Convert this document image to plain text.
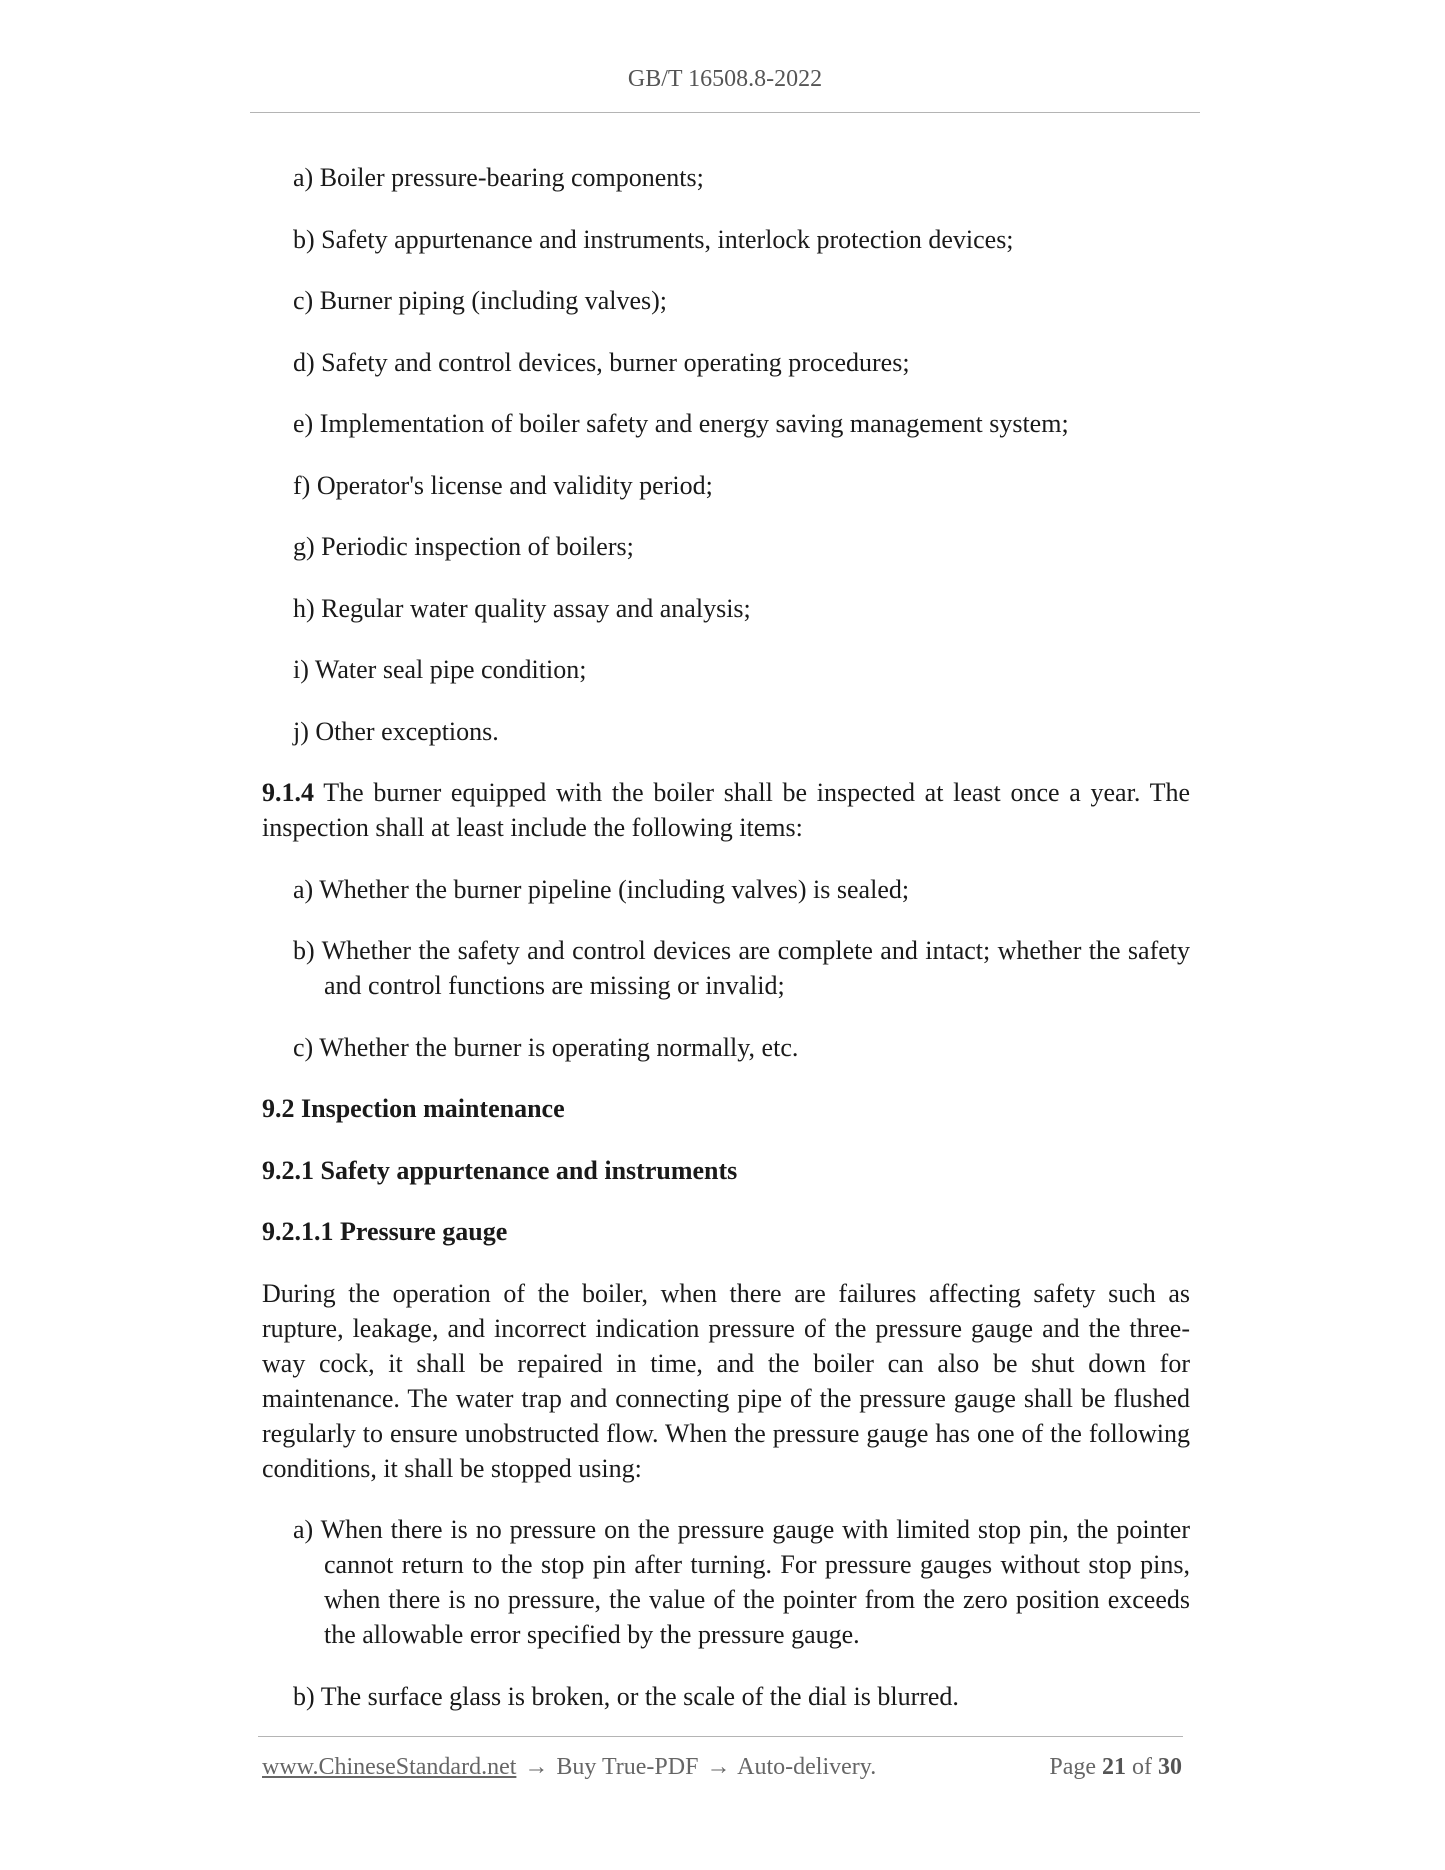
GB/T 16508.8-2022

a) Boiler pressure-bearing components;

b) Safety appurtenance and instruments, interlock protection devices;

c) Burner piping (including valves);

d) Safety and control devices, burner operating procedures;

e) Implementation of boiler safety and energy saving management system;

f) Operator's license and validity period;

g) Periodic inspection of boilers;

h) Regular water quality assay and analysis;

i) Water seal pipe condition;

j) Other exceptions.

9.1.4 The burner equipped with the boiler shall be inspected at least once a year. The inspection shall at least include the following items:

a) Whether the burner pipeline (including valves) is sealed;

b) Whether the safety and control devices are complete and intact; whether the safety and control functions are missing or invalid;

c) Whether the burner is operating normally, etc.

9.2 Inspection maintenance

9.2.1 Safety appurtenance and instruments

9.2.1.1 Pressure gauge

During the operation of the boiler, when there are failures affecting safety such as rupture, leakage, and incorrect indication pressure of the pressure gauge and the three-way cock, it shall be repaired in time, and the boiler can also be shut down for maintenance. The water trap and connecting pipe of the pressure gauge shall be flushed regularly to ensure unobstructed flow. When the pressure gauge has one of the following conditions, it shall be stopped using:

a) When there is no pressure on the pressure gauge with limited stop pin, the pointer cannot return to the stop pin after turning. For pressure gauges without stop pins, when there is no pressure, the value of the pointer from the zero position exceeds the allowable error specified by the pressure gauge.

b) The surface glass is broken, or the scale of the dial is blurred.

www.ChineseStandard.net → Buy True-PDF → Auto-delivery.	Page 21 of 30
